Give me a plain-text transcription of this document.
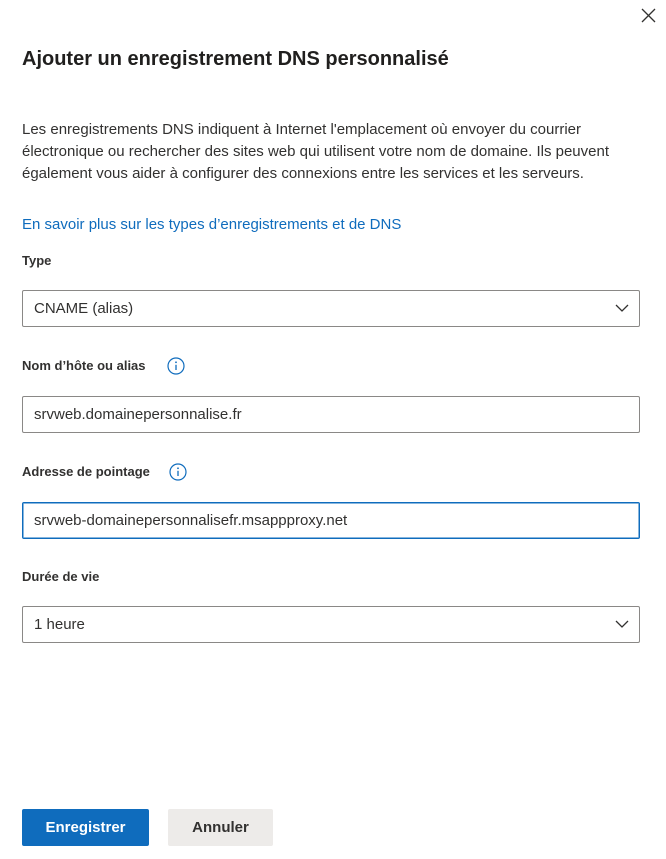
Ajouter un enregistrement DNS personnalisé

Les enregistrements DNS indiquent à Internet l'emplacement où envoyer du courrier électronique ou rechercher des sites web qui utilisent votre nom de domaine. Ils peuvent également vous aider à configurer des connexions entre les services et les serveurs.

En savoir plus sur les types d’enregistrements et de DNS
Type
CNAME (alias)
Nom d’hôte ou alias
srvweb.domainepersonnalise.fr
Adresse de pointage
srvweb-domainepersonnalisefr.msappproxy.net
Durée de vie
1 heure
Enregistrer	Annuler
